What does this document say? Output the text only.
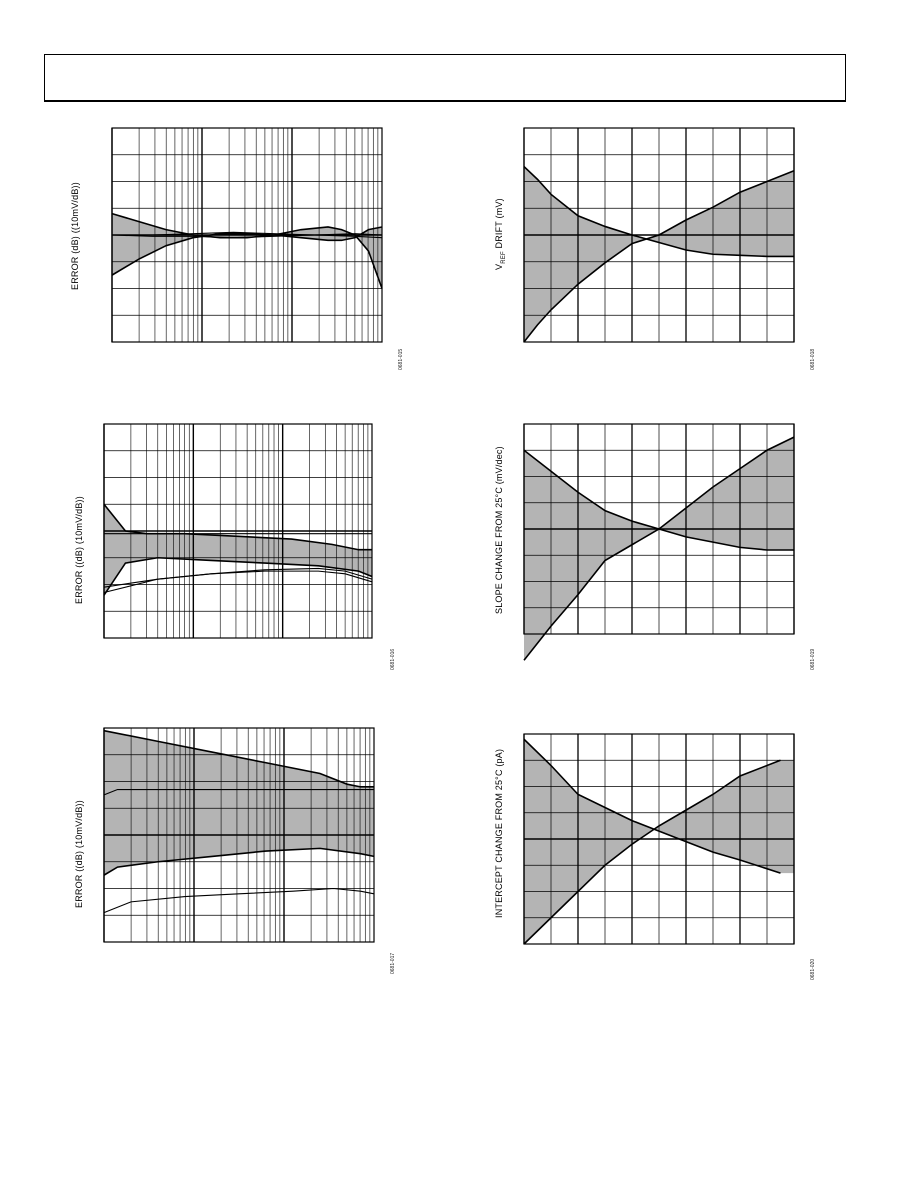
ERROR (dB) ((10mV/dB))
0681-015
ERROR ((dB) (10mV/dB))
0681-016
ERROR ((dB) (10mV/dB))
0681-017
$V_{REF}$ DRIFT (mV)
0681-018
SLOPE CHANGE FROM 25°C (mV/dec)
0681-019
INTERCEPT CHANGE FROM 25°C (pA)
0681-020
